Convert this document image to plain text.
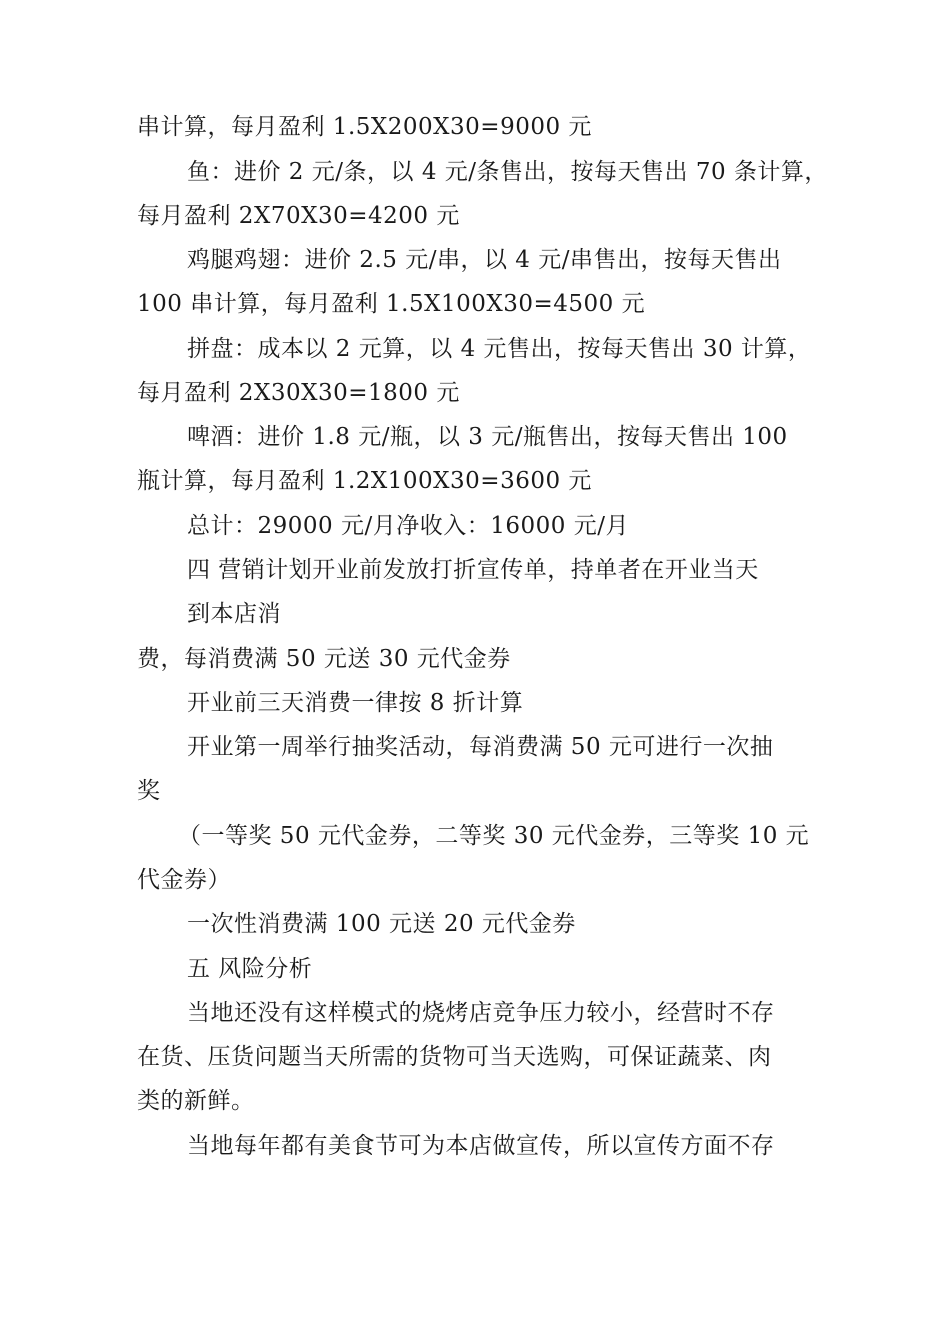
串计算，每月盈利 1.5X200X30=9000 元

鱼：进价 2 元/条，以 4 元/条售出，按每天售出 70 条计算，

每月盈利 2X70X30=4200 元

鸡腿鸡翅：进价 2.5 元/串，以 4 元/串售出，按每天售出

100 串计算，每月盈利 1.5X100X30=4500 元

拼盘：成本以 2 元算，以 4 元售出，按每天售出 30 计算，

每月盈利 2X30X30=1800 元

啤酒：进价 1.8 元/瓶，以 3 元/瓶售出，按每天售出 100

瓶计算，每月盈利 1.2X100X30=3600 元

总计：29000 元/月净收入：16000 元/月

四 营销计划开业前发放打折宣传单，持单者在开业当天

到本店消

费，每消费满 50 元送 30 元代金券

开业前三天消费一律按 8 折计算

开业第一周举行抽奖活动，每消费满 50 元可进行一次抽

奖

（一等奖 50 元代金券，二等奖 30 元代金券，三等奖 10 元

代金券）

一次性消费满 100 元送 20 元代金券

五 风险分析

当地还没有这样模式的烧烤店竞争压力较小，经营时不存

在货、压货问题当天所需的货物可当天选购，可保证蔬菜、肉

类的新鲜。

当地每年都有美食节可为本店做宣传，所以宣传方面不存
